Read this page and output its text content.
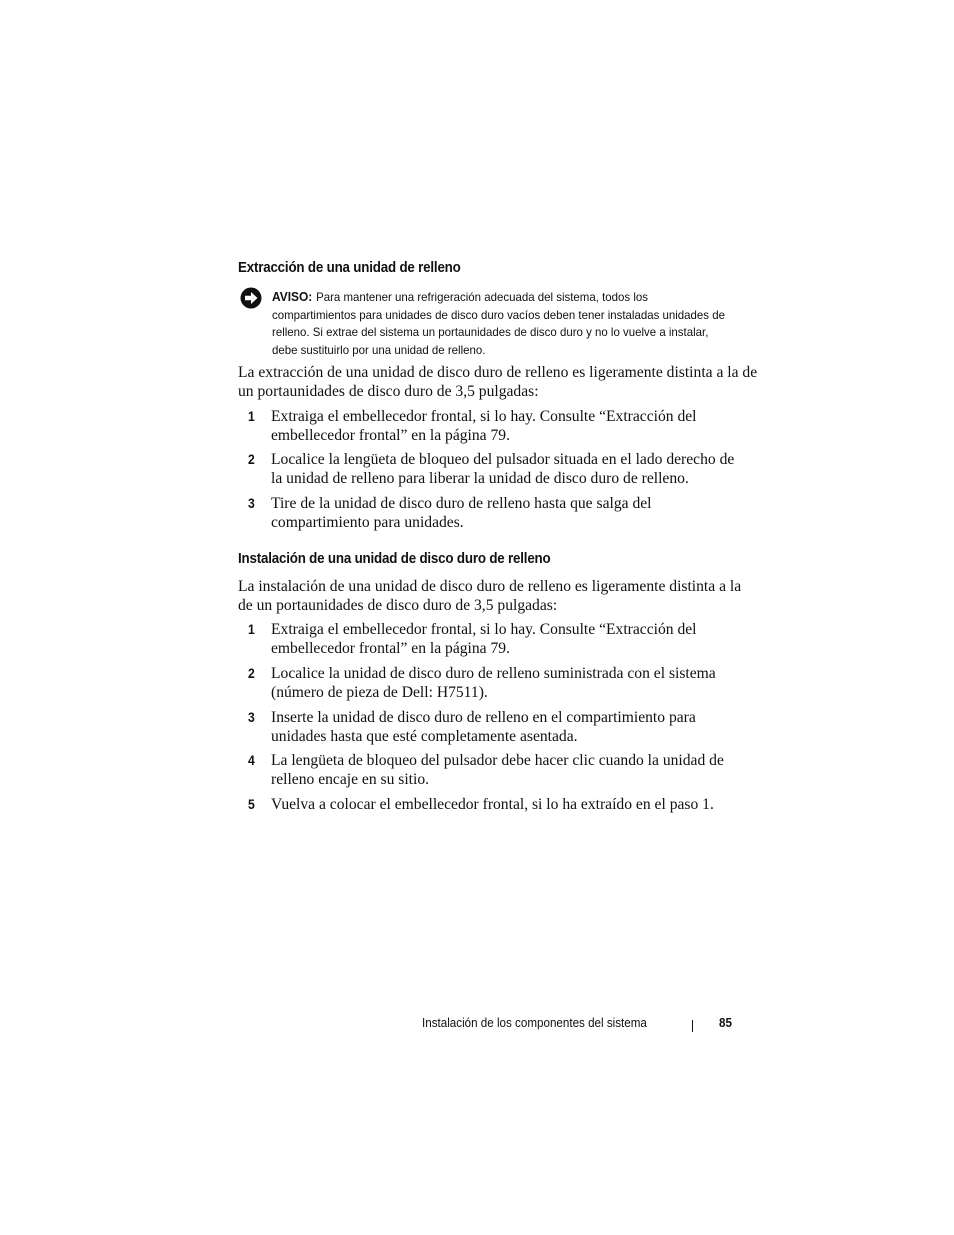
Extracción de una unidad de relleno
AVISO: Para mantener una refrigeración adecuada del sistema, todos los compartimientos para unidades de disco duro vacíos deben tener instaladas unidades de relleno. Si extrae del sistema un portaunidades de disco duro y no lo vuelve a instalar, debe sustituirlo por una unidad de relleno.
La extracción de una unidad de disco duro de relleno es ligeramente distinta a la de un portaunidades de disco duro de 3,5 pulgadas:
1 Extraiga el embellecedor frontal, si lo hay. Consulte “Extracción del embellecedor frontal” en la página 79.
2 Localice la lengüeta de bloqueo del pulsador situada en el lado derecho de la unidad de relleno para liberar la unidad de disco duro de relleno.
3 Tire de la unidad de disco duro de relleno hasta que salga del compartimiento para unidades.
Instalación de una unidad de disco duro de relleno
La instalación de una unidad de disco duro de relleno es ligeramente distinta a la de un portaunidades de disco duro de 3,5 pulgadas:
1 Extraiga el embellecedor frontal, si lo hay. Consulte “Extracción del embellecedor frontal” en la página 79.
2 Localice la unidad de disco duro de relleno suministrada con el sistema (número de pieza de Dell: H7511).
3 Inserte la unidad de disco duro de relleno en el compartimiento para unidades hasta que esté completamente asentada.
4 La lengüeta de bloqueo del pulsador debe hacer clic cuando la unidad de relleno encaje en su sitio.
5 Vuelva a colocar el embellecedor frontal, si lo ha extraído en el paso 1.
Instalación de los componentes del sistema	85
